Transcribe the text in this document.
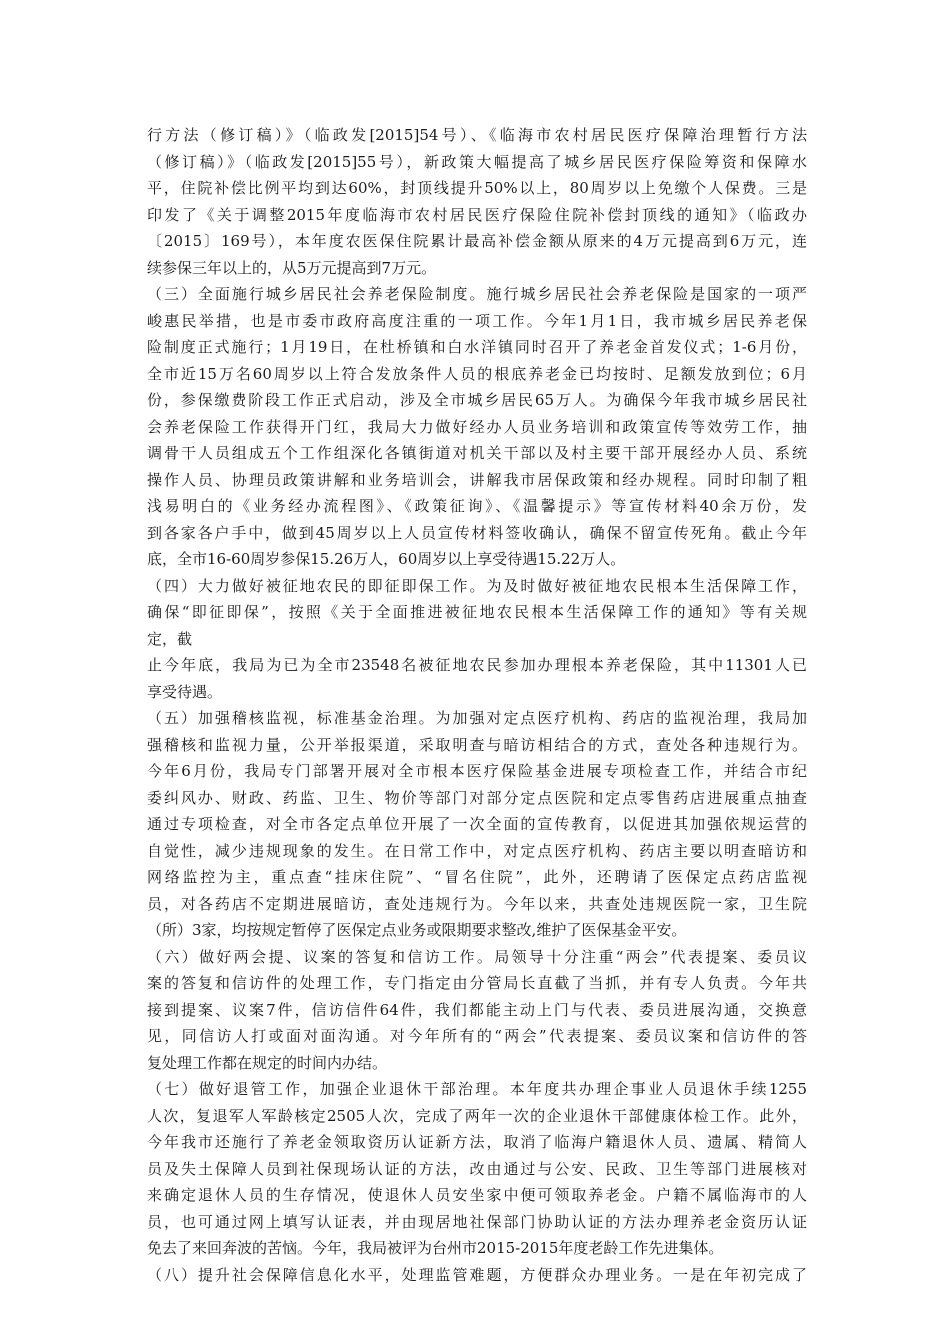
行方法（修订稿）》（临政发[2015]54号）、《临海市农村居民医疗保障治理暂行方法
（修订稿）》（临政发[2015]55号），新政策大幅提高了城乡居民医疗保险筹资和保障水
平，住院补偿比例平均到达60%，封顶线提升50%以上，80周岁以上免缴个人保费。三是
印发了《关于调整2015年度临海市农村居民医疗保险住院补偿封顶线的通知》（临政办
〔2015〕169号），本年度农医保住院累计最高补偿金额从原来的4万元提高到6万元，连
续参保三年以上的，从5万元提高到7万元。
（三）全面施行城乡居民社会养老保险制度。施行城乡居民社会养老保险是国家的一项严
峻惠民举措，也是市委市政府高度注重的一项工作。今年1月1日，我市城乡居民养老保
险制度正式施行；1月19日，在杜桥镇和白水洋镇同时召开了养老金首发仪式；1-6月份，
全市近15万名60周岁以上符合发放条件人员的根底养老金已均按时、足额发放到位；6月
份，参保缴费阶段工作正式启动，涉及全市城乡居民65万人。为确保今年我市城乡居民社
会养老保险工作获得开门红，我局大力做好经办人员业务培训和政策宣传等效劳工作，抽
调骨干人员组成五个工作组深化各镇街道对机关干部以及村主要干部开展经办人员、系统
操作人员、协理员政策讲解和业务培训会，讲解我市居保政策和经办规程。同时印制了粗
浅易明白的《业务经办流程图》、《政策征询》、《温馨提示》等宣传材料40余万份，发
到各家各户手中，做到45周岁以上人员宣传材料签收确认，确保不留宣传死角。截止今年
底，全市16-60周岁参保15.26万人，60周岁以上享受待遇15.22万人。
（四）大力做好被征地农民的即征即保工作。为及时做好被征地农民根本生活保障工作，
确保“即征即保”，按照《关于全面推进被征地农民根本生活保障工作的通知》等有关规
定，截
止今年底，我局为已为全市23548名被征地农民参加办理根本养老保险，其中11301人已
享受待遇。
（五）加强稽核监视，标准基金治理。为加强对定点医疗机构、药店的监视治理，我局加
强稽核和监视力量，公开举报渠道，采取明查与暗访相结合的方式，查处各种违规行为。
今年6月份，我局专门部署开展对全市根本医疗保险基金进展专项检查工作，并结合市纪
委纠风办、财政、药监、卫生、物价等部门对部分定点医院和定点零售药店进展重点抽查
通过专项检查，对全市各定点单位开展了一次全面的宣传教育，以促进其加强依规运营的
自觉性，减少违规现象的发生。在日常工作中，对定点医疗机构、药店主要以明查暗访和
网络监控为主，重点查“挂床住院”、“冒名住院”，此外，还聘请了医保定点药店监视
员，对各药店不定期进展暗访，查处违规行为。今年以来，共查处违规医院一家，卫生院
（所）3家，均按规定暂停了医保定点业务或限期要求整改,维护了医保基金平安。
（六）做好两会提、议案的答复和信访工作。局领导十分注重“两会”代表提案、委员议
案的答复和信访件的处理工作，专门指定由分管局长直截了当抓，并有专人负责。今年共
接到提案、议案7件，信访信件64件，我们都能主动上门与代表、委员进展沟通，交换意
见，同信访人打或面对面沟通。对今年所有的“两会”代表提案、委员议案和信访件的答
复处理工作都在规定的时间内办结。
（七）做好退管工作，加强企业退休干部治理。本年度共办理企事业人员退休手续1255
人次，复退军人军龄核定2505人次，完成了两年一次的企业退休干部健康体检工作。此外，
今年我市还施行了养老金领取资历认证新方法，取消了临海户籍退休人员、遗属、精简人
员及失土保障人员到社保现场认证的方法，改由通过与公安、民政、卫生等部门进展核对
来确定退休人员的生存情况，使退休人员安坐家中便可领取养老金。户籍不属临海市的人
员，也可通过网上填写认证表，并由现居地社保部门协助认证的方法办理养老金资历认证
免去了来回奔波的苦恼。今年，我局被评为台州市2015-2015年度老龄工作先进集体。
（八）提升社会保障信息化水平，处理监管难题，方便群众办理业务。一是在年初完成了
